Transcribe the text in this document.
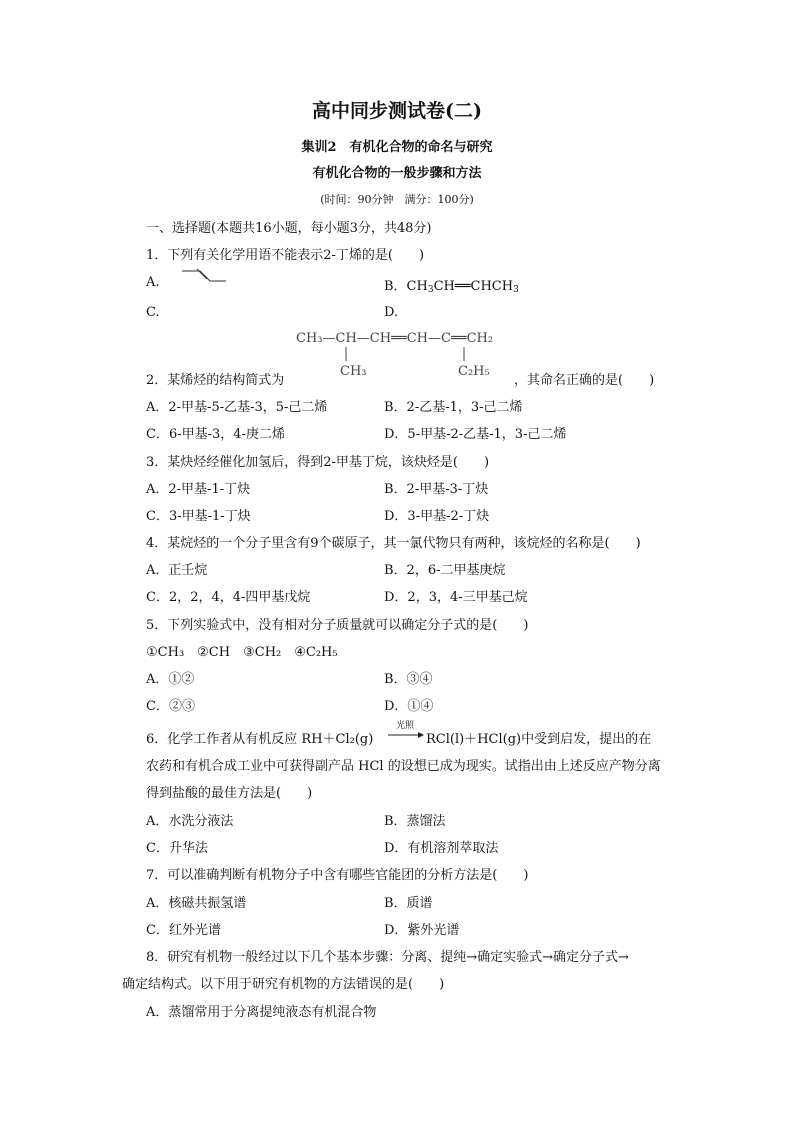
高中同步测试卷(二)
集训2　有机化合物的命名与研究
有机化合物的一般步骤和方法
(时间：90分钟　满分：100分)
一、选择题(本题共16小题，每小题3分，共48分)
1．下列有关化学用语不能表示2-丁烯的是(　　)
A.	B．$CH_3CH══CHCH_3$
C.	D.
CH₃—CH—CH══CH—C══CH₂
CH₃	C₂H₅
2．某烯烃的结构简式为	，其命名正确的是(　　)
A．2-甲基-5-乙基-3，5-己二烯	B．2-乙基-1，3-己二烯
C．6-甲基-3，4-庚二烯	D．5-甲基-2-乙基-1，3-己二烯
3．某炔烃经催化加氢后，得到2-甲基丁烷，该炔烃是(　　)
A．2-甲基-1-丁炔	B．2-甲基-3-丁炔
C．3-甲基-1-丁炔	D．3-甲基-2-丁炔
4．某烷烃的一个分子里含有9个碳原子，其一氯代物只有两种，该烷烃的名称是(　　)
A．正壬烷	B．2，6-二甲基庚烷
C．2，2，4，4-四甲基戊烷	D．2，3，4-三甲基己烷
5．下列实验式中，没有相对分子质量就可以确定分子式的是(　　)
①CH₃　②CH　③CH₂　④C₂H₅
A．①②	B．③④
C．②③	D．①④
6．化学工作者从有机反应 RH＋Cl₂(g)
光照
RCl(l)＋HCl(g)中受到启发，提出的在
农药和有机合成工业中可获得副产品 HCl 的设想已成为现实。试指出由上述反应产物分离
得到盐酸的最佳方法是(　　)
A．水洗分液法	B．蒸馏法
C．升华法	D．有机溶剂萃取法
7．可以准确判断有机物分子中含有哪些官能团的分析方法是(　　)
A．核磁共振氢谱	B．质谱
C．红外光谱	D．紫外光谱
8．研究有机物一般经过以下几个基本步骤：分离、提纯→确定实验式→确定分子式→
确定结构式。以下用于研究有机物的方法错误的是(　　)
A．蒸馏常用于分离提纯液态有机混合物
